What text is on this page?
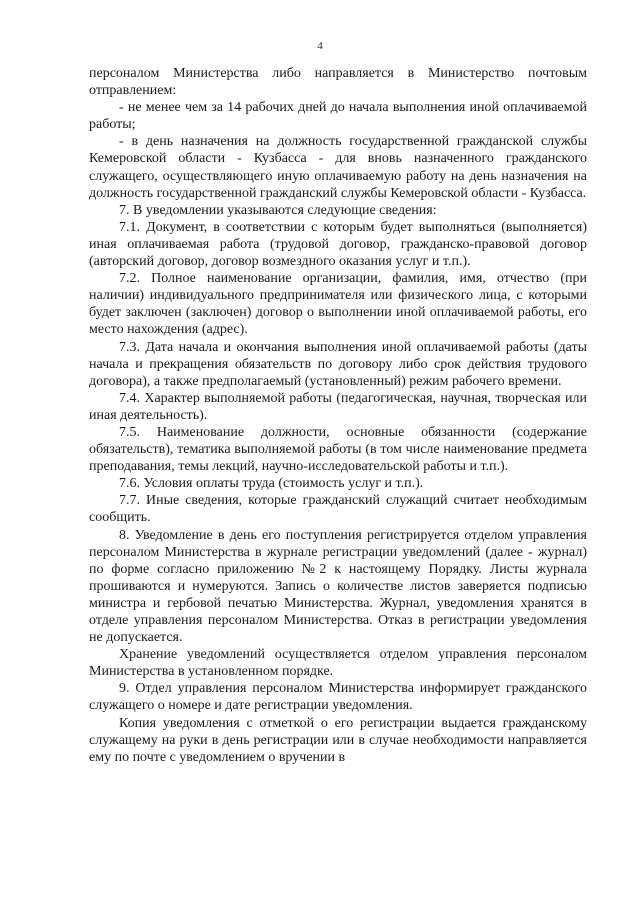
4

персоналом Министерства либо направляется в Министерство почтовым отправлением:

- не менее чем за 14 рабочих дней до начала выполнения иной оплачиваемой работы;

- в день назначения на должность государственной гражданской службы Кемеровской области - Кузбасса - для вновь назначенного гражданского служащего, осуществляющего иную оплачиваемую работу на день назначения на должность государственной гражданский службы Кемеровской области - Кузбасса.

7. В уведомлении указываются следующие сведения:

7.1. Документ, в соответствии с которым будет выполняться (выполняется) иная оплачиваемая работа (трудовой договор, гражданско-правовой договор (авторский договор, договор возмездного оказания услуг и т.п.).

7.2. Полное наименование организации, фамилия, имя, отчество (при наличии) индивидуального предпринимателя или физического лица, с которыми будет заключен (заключен) договор о выполнении иной оплачиваемой работы, его место нахождения (адрес).

7.3. Дата начала и окончания выполнения иной оплачиваемой работы (даты начала и прекращения обязательств по договору либо срок действия трудового договора), а также предполагаемый (установленный) режим рабочего времени.

7.4. Характер выполняемой работы (педагогическая, научная, творческая или иная деятельность).

7.5. Наименование должности, основные обязанности (содержание обязательств), тематика выполняемой работы (в том числе наименование предмета преподавания, темы лекций, научно-исследовательской работы и т.п.).

7.6. Условия оплаты труда (стоимость услуг и т.п.).

7.7. Иные сведения, которые гражданский служащий считает необходимым сообщить.

8. Уведомление в день его поступления регистрируется отделом управления персоналом Министерства в журнале регистрации уведомлений (далее - журнал) по форме согласно приложению №2 к настоящему Порядку. Листы журнала прошиваются и нумеруются. Запись о количестве листов заверяется подписью министра и гербовой печатью Министерства. Журнал, уведомления хранятся в отделе управления персоналом Министерства. Отказ в регистрации уведомления не допускается.

Хранение уведомлений осуществляется отделом управления персоналом Министерства в установленном порядке.

9. Отдел управления персоналом Министерства информирует гражданского служащего о номере и дате регистрации уведомления.

Копия уведомления с отметкой о его регистрации выдается гражданскому служащему на руки в день регистрации или в случае необходимости направляется ему по почте с уведомлением о вручении в
